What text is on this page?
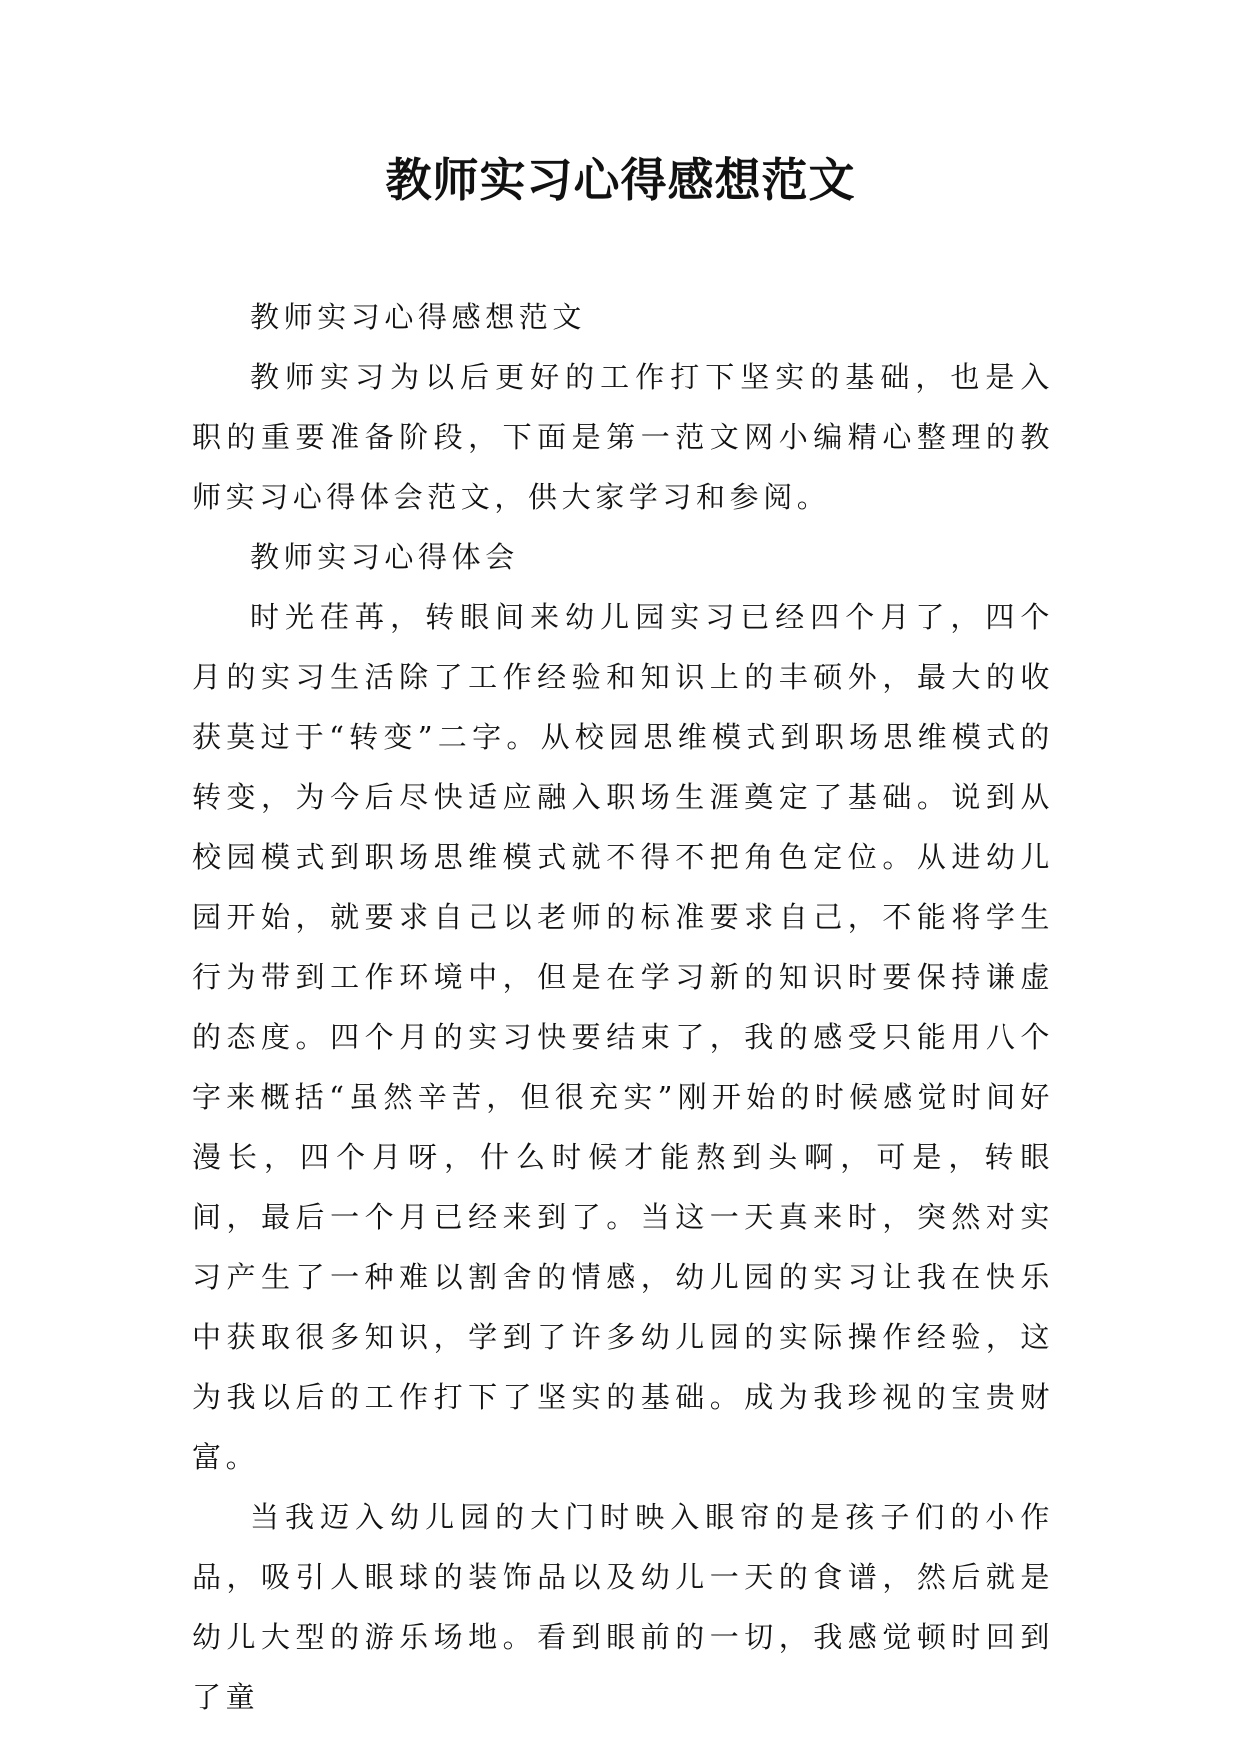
教师实习心得感想范文

教师实习心得感想范文

教师实习为以后更好的工作打下坚实的基础，也是入职的重要准备阶段，下面是第一范文网小编精心整理的教师实习心得体会范文，供大家学习和参阅。

教师实习心得体会

时光荏苒，转眼间来幼儿园实习已经四个月了，四个月的实习生活除了工作经验和知识上的丰硕外，最大的收获莫过于“转变”二字。从校园思维模式到职场思维模式的转变，为今后尽快适应融入职场生涯奠定了基础。说到从校园模式到职场思维模式就不得不把角色定位。从进幼儿园开始，就要求自己以老师的标准要求自己，不能将学生行为带到工作环境中，但是在学习新的知识时要保持谦虚的态度。四个月的实习快要结束了，我的感受只能用八个字来概括“虽然辛苦，但很充实”刚开始的时候感觉时间好漫长，四个月呀，什么时候才能熬到头啊，可是，转眼间，最后一个月已经来到了。当这一天真来时，突然对实习产生了一种难以割舍的情感，幼儿园的实习让我在快乐中获取很多知识，学到了许多幼儿园的实际操作经验，这为我以后的工作打下了坚实的基础。成为我珍视的宝贵财富。

当我迈入幼儿园的大门时映入眼帘的是孩子们的小作品，吸引人眼球的装饰品以及幼儿一天的食谱，然后就是幼儿大型的游乐场地。看到眼前的一切，我感觉顿时回到了童
